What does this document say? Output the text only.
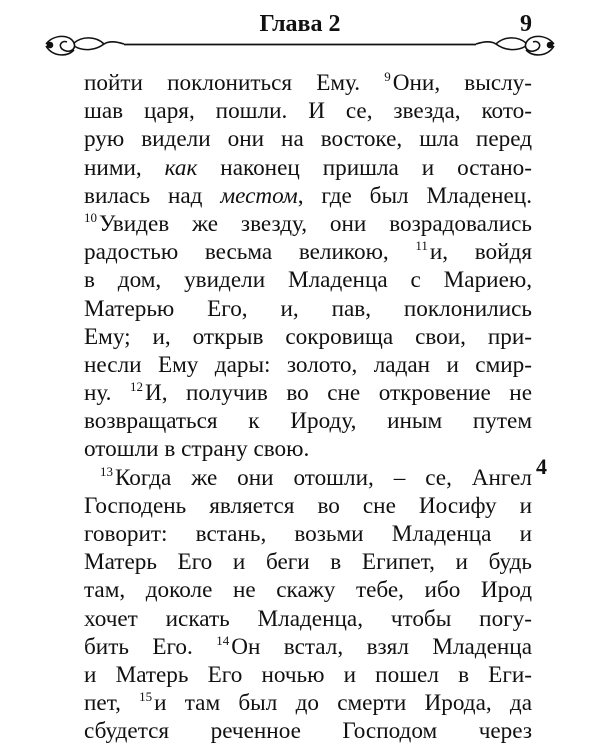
Глава 2	9
пойти поклониться Ему. $^9$Они, выслу-
шав царя, пошли. И се, звезда, кото-
рую видели они на востоке, шла перед
ними, как наконец пришла и остано-
вилась над местом, где был Младенец.
$^{10}$Увидев же звезду, они возрадовались
радостью весьма великою, $^{11}$и, войдя
в дом, увидели Младенца с Мариею,
Матерью Его, и, пав, поклонились
Ему; и, открыв сокровища свои, при-
несли Ему дары: золото, ладан и смир-
ну. $^{12}$И, получив во сне откровение не
возвращаться к Ироду, иным путем
отошли в страну свою.
$^{13}$Когда же они отошли, – се, Ангел
Господень является во сне Иосифу и
говорит: встань, возьми Младенца и
Матерь Его и беги в Египет, и будь
там, доколе не скажу тебе, ибо Ирод
хочет искать Младенца, чтобы погу-
бить Его. $^{14}$Он встал, взял Младенца
и Матерь Его ночью и пошел в Еги-
пет, $^{15}$и там был до смерти Ирода, да
сбудется реченное Господом через
4
